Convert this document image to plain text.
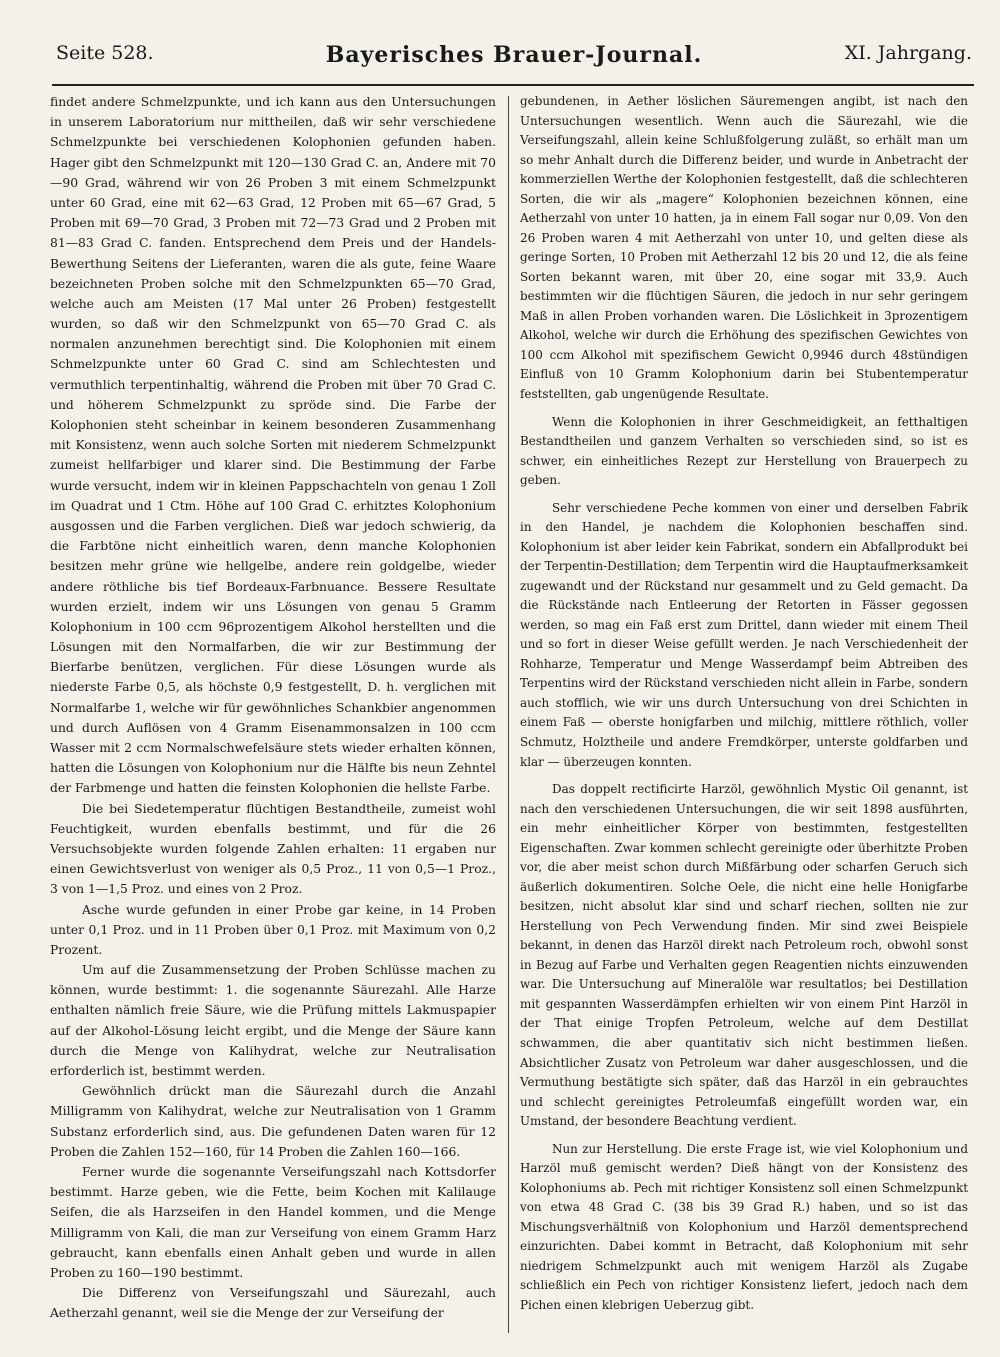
Seite 528.	Bayerisches Brauer-Journal.	XI. Jahrgang.

findet andere Schmelzpunkte, und ich kann aus den Untersuchungen in unserem Laboratorium nur mittheilen, daß wir sehr verschiedene Schmelzpunkte bei verschiedenen Kolophonien gefunden haben. Hager gibt den Schmelzpunkt mit 120—130 Grad C. an, Andere mit 70—90 Grad, während wir von 26 Proben 3 mit einem Schmelzpunkt unter 60 Grad, eine mit 62—63 Grad, 12 Proben mit 65—67 Grad, 5 Proben mit 69—70 Grad, 3 Proben mit 72—73 Grad und 2 Proben mit 81—83 Grad C. fanden. Entsprechend dem Preis und der Handels-Bewerthung Seitens der Lieferanten, waren die als gute, feine Waare bezeichneten Proben solche mit den Schmelzpunkten 65—70 Grad, welche auch am Meisten (17 Mal unter 26 Proben) festgestellt wurden, so daß wir den Schmelzpunkt von 65—70 Grad C. als normalen anzunehmen berechtigt sind. Die Kolophonien mit einem Schmelzpunkte unter 60 Grad C. sind am Schlechtesten und vermuthlich terpentinhaltig, während die Proben mit über 70 Grad C. und höherem Schmelzpunkt zu spröde sind. Die Farbe der Kolophonien steht scheinbar in keinem besonderen Zusammenhang mit Konsistenz, wenn auch solche Sorten mit niederem Schmelzpunkt zumeist hellfarbiger und klarer sind. Die Bestimmung der Farbe wurde versucht, indem wir in kleinen Pappschachteln von genau 1 Zoll im Quadrat und 1 Ctm. Höhe auf 100 Grad C. erhitztes Kolophonium ausgossen und die Farben verglichen. Dieß war jedoch schwierig, da die Farbtöne nicht einheitlich waren, denn manche Kolophonien besitzen mehr grüne wie hellgelbe, andere rein goldgelbe, wieder andere röthliche bis tief Bordeaux-Farbnuance. Bessere Resultate wurden erzielt, indem wir uns Lösungen von genau 5 Gramm Kolophonium in 100 ccm 96prozentigem Alkohol herstellten und die Lösungen mit den Normalfarben, die wir zur Bestimmung der Bierfarbe benützen, verglichen. Für diese Lösungen wurde als niederste Farbe 0,5, als höchste 0,9 festgestellt, D. h. verglichen mit Normalfarbe 1, welche wir für gewöhnliches Schankbier angenommen und durch Auflösen von 4 Gramm Eisenammonsalzen in 100 ccm Wasser mit 2 ccm Normalschwefelsäure stets wieder erhalten können, hatten die Lösungen von Kolophonium nur die Hälfte bis neun Zehntel der Farbmenge und hatten die feinsten Kolophonien die hellste Farbe.

Die bei Siedetemperatur flüchtigen Bestandtheile, zumeist wohl Feuchtigkeit, wurden ebenfalls bestimmt, und für die 26 Versuchsobjekte wurden folgende Zahlen erhalten: 11 ergaben nur einen Gewichtsverlust von weniger als 0,5 Proz., 11 von 0,5—1 Proz., 3 von 1—1,5 Proz. und eines von 2 Proz.

Asche wurde gefunden in einer Probe gar keine, in 14 Proben unter 0,1 Proz. und in 11 Proben über 0,1 Proz. mit Maximum von 0,2 Prozent.

Um auf die Zusammensetzung der Proben Schlüsse machen zu können, wurde bestimmt: 1. die sogenannte Säurezahl. Alle Harze enthalten nämlich freie Säure, wie die Prüfung mittels Lakmuspapier auf der Alkohol-Lösung leicht ergibt, und die Menge der Säure kann durch die Menge von Kalihydrat, welche zur Neutralisation erforderlich ist, bestimmt werden.

Gewöhnlich drückt man die Säurezahl durch die Anzahl Milligramm von Kalihydrat, welche zur Neutralisation von 1 Gramm Substanz erforderlich sind, aus. Die gefundenen Daten waren für 12 Proben die Zahlen 152—160, für 14 Proben die Zahlen 160—166.

Ferner wurde die sogenannte Verseifungszahl nach Kottsdorfer bestimmt. Harze geben, wie die Fette, beim Kochen mit Kalilauge Seifen, die als Harzseifen in den Handel kommen, und die Menge Milligramm von Kali, die man zur Verseifung von einem Gramm Harz gebraucht, kann ebenfalls einen Anhalt geben und wurde in allen Proben zu 160—190 bestimmt.

Die Differenz von Verseifungszahl und Säurezahl, auch Aetherzahl genannt, weil sie die Menge der zur Verseifung der

gebundenen, in Aether löslichen Säuremengen angibt, ist nach den Untersuchungen wesentlich. Wenn auch die Säurezahl, wie die Verseifungszahl, allein keine Schlußfolgerung zuläßt, so erhält man um so mehr Anhalt durch die Differenz beider, und wurde in Anbetracht der kommerziellen Werthe der Kolophonien festgestellt, daß die schlechteren Sorten, die wir als „magere“ Kolophonien bezeichnen können, eine Aetherzahl von unter 10 hatten, ja in einem Fall sogar nur 0,09. Von den 26 Proben waren 4 mit Aetherzahl von unter 10, und gelten diese als geringe Sorten, 10 Proben mit Aetherzahl 12 bis 20 und 12, die als feine Sorten bekannt waren, mit über 20, eine sogar mit 33,9. Auch bestimmten wir die flüchtigen Säuren, die jedoch in nur sehr geringem Maß in allen Proben vorhanden waren. Die Löslichkeit in 3prozentigem Alkohol, welche wir durch die Erhöhung des spezifischen Gewichtes von 100 ccm Alkohol mit spezifischem Gewicht 0,9946 durch 48stündigen Einfluß von 10 Gramm Kolophonium darin bei Stubentemperatur feststellten, gab ungenügende Resultate.

Wenn die Kolophonien in ihrer Geschmeidigkeit, an fetthaltigen Bestandtheilen und ganzem Verhalten so verschieden sind, so ist es schwer, ein einheitliches Rezept zur Herstellung von Brauerpech zu geben.

Sehr verschiedene Peche kommen von einer und derselben Fabrik in den Handel, je nachdem die Kolophonien beschaffen sind. Kolophonium ist aber leider kein Fabrikat, sondern ein Abfallprodukt bei der Terpentin-Destillation; dem Terpentin wird die Hauptaufmerksamkeit zugewandt und der Rückstand nur gesammelt und zu Geld gemacht. Da die Rückstände nach Entleerung der Retorten in Fässer gegossen werden, so mag ein Faß erst zum Drittel, dann wieder mit einem Theil und so fort in dieser Weise gefüllt werden. Je nach Verschiedenheit der Rohharze, Temperatur und Menge Wasserdampf beim Abtreiben des Terpentins wird der Rückstand verschieden nicht allein in Farbe, sondern auch stofflich, wie wir uns durch Untersuchung von drei Schichten in einem Faß — oberste honigfarben und milchig, mittlere röthlich, voller Schmutz, Holztheile und andere Fremdkörper, unterste goldfarben und klar — überzeugen konnten.

Das doppelt rectificirte Harzöl, gewöhnlich Mystic Oil genannt, ist nach den verschiedenen Untersuchungen, die wir seit 1898 ausführten, ein mehr einheitlicher Körper von bestimmten, festgestellten Eigenschaften. Zwar kommen schlecht gereinigte oder überhitzte Proben vor, die aber meist schon durch Mißfärbung oder scharfen Geruch sich äußerlich dokumentiren. Solche Oele, die nicht eine helle Honigfarbe besitzen, nicht absolut klar sind und scharf riechen, sollten nie zur Herstellung von Pech Verwendung finden. Mir sind zwei Beispiele bekannt, in denen das Harzöl direkt nach Petroleum roch, obwohl sonst in Bezug auf Farbe und Verhalten gegen Reagentien nichts einzuwenden war. Die Untersuchung auf Mineralöle war resultatlos; bei Destillation mit gespannten Wasserdämpfen erhielten wir von einem Pint Harzöl in der That einige Tropfen Petroleum, welche auf dem Destillat schwammen, die aber quantitativ sich nicht bestimmen ließen. Absichtlicher Zusatz von Petroleum war daher ausgeschlossen, und die Vermuthung bestätigte sich später, daß das Harzöl in ein gebrauchtes und schlecht gereinigtes Petroleumfaß eingefüllt worden war, ein Umstand, der besondere Beachtung verdient.

Nun zur Herstellung. Die erste Frage ist, wie viel Kolophonium und Harzöl muß gemischt werden? Dieß hängt von der Konsistenz des Kolophoniums ab. Pech mit richtiger Konsistenz soll einen Schmelzpunkt von etwa 48 Grad C. (38 bis 39 Grad R.) haben, und so ist das Mischungsverhältniß von Kolophonium und Harzöl dementsprechend einzurichten. Dabei kommt in Betracht, daß Kolophonium mit sehr niedrigem Schmelzpunkt auch mit wenigem Harzöl als Zugabe schließlich ein Pech von richtiger Konsistenz liefert, jedoch nach dem Pichen einen klebrigen Ueberzug gibt.
